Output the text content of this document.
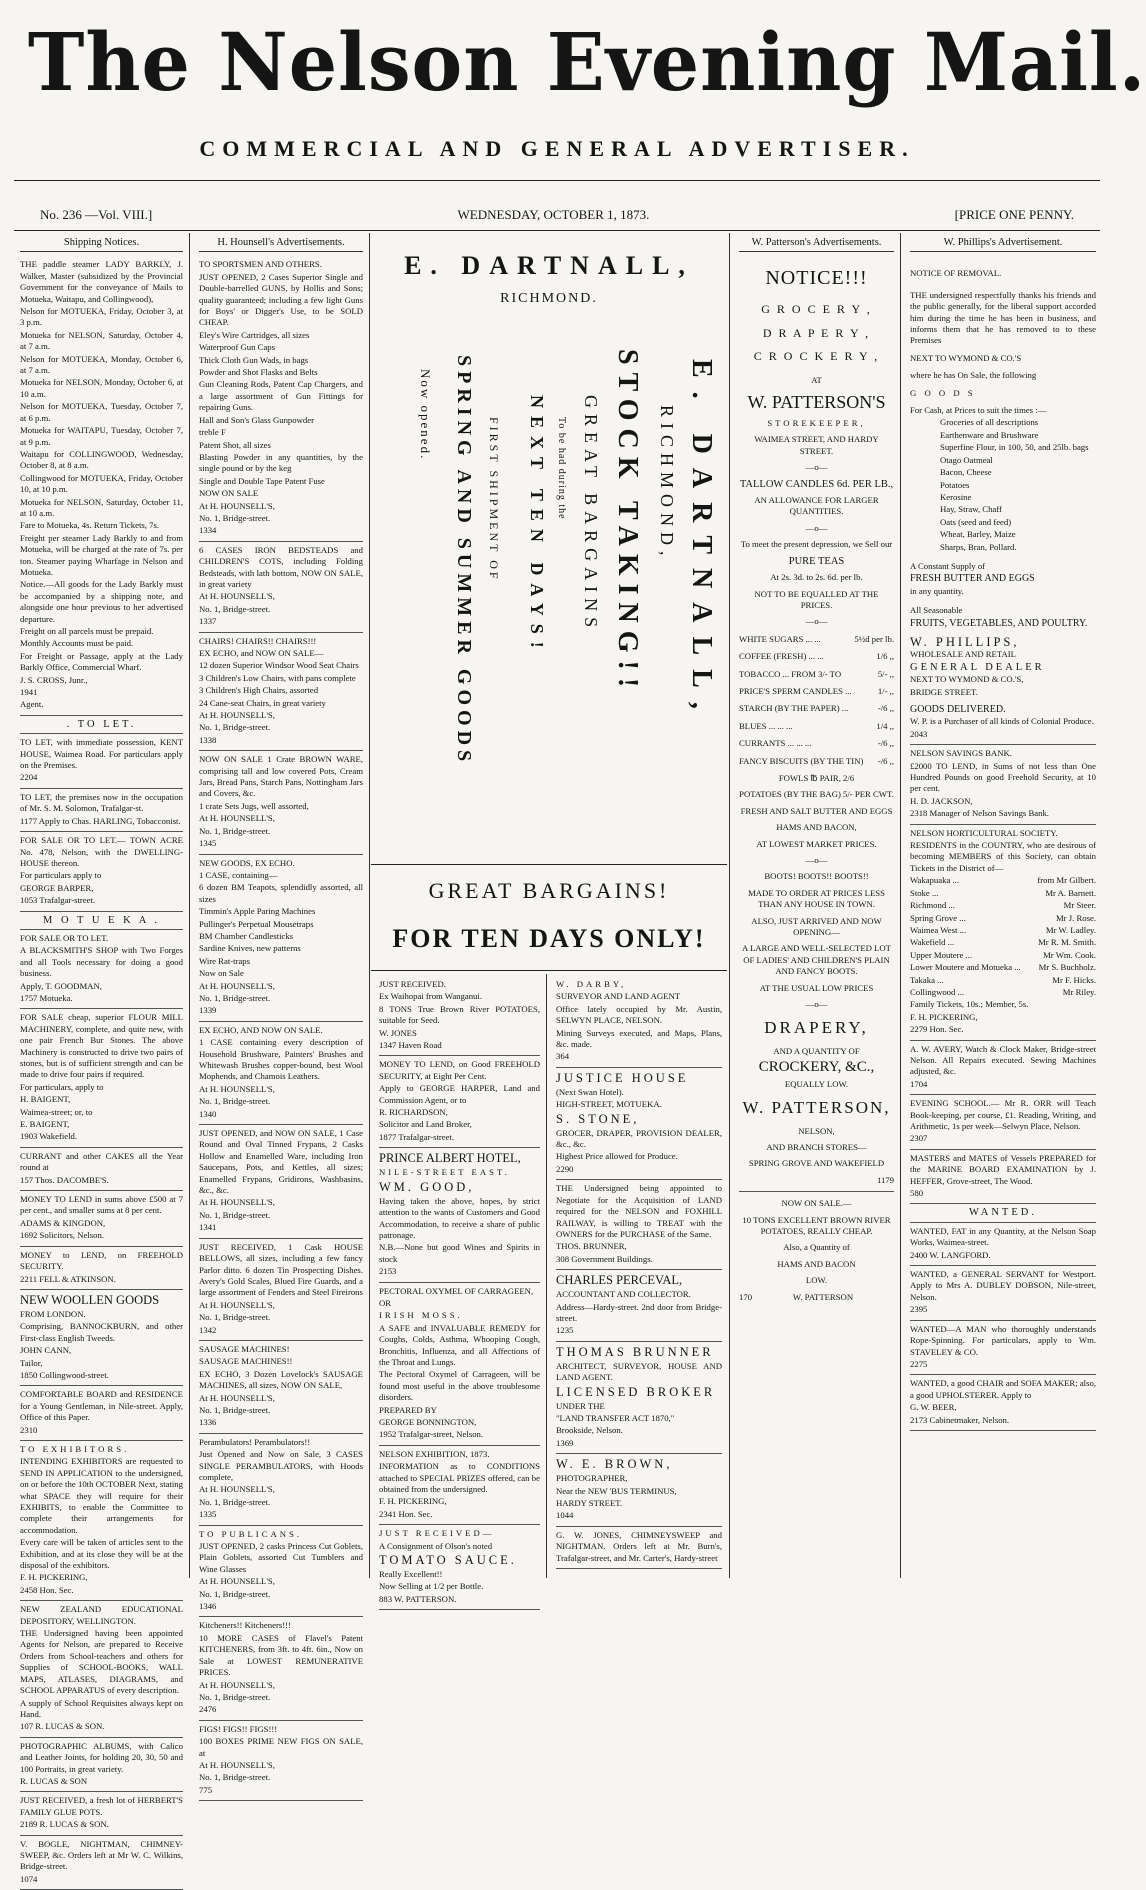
The Nelson Evening Mail.
COMMERCIAL AND GENERAL ADVERTISER.
No. 236 —Vol. VIII.]	WEDNESDAY, OCTOBER 1, 1873.	[PRICE ONE PENNY.
Shipping Notices.

THE paddle steamer LADY BARKLY, J. Walker, Master (subsidized by the Provincial Government for the conveyance of Mails to Motueka, Waitapu, and Collingwood),

Nelson for MOTUEKA, Friday, October 3, at 3 p.m.

Motueka for NELSON, Saturday, October 4, at 7 a.m.

Nelson for MOTUEKA, Monday, October 6, at 7 a.m.

Motueka for NELSON, Monday, October 6, at 10 a.m.

Nelson for MOTUEKA, Tuesday, October 7, at 6 p.m.

Motueka for WAITAPU, Tuesday, October 7, at 9 p.m.

Waitapu for COLLINGWOOD, Wednesday, October 8, at 8 a.m.

Collingwood for MOTUEKA, Friday, October 10, at 10 p.m.

Motueka for NELSON, Saturday, October 11, at 10 a.m.

Fare to Motueka, 4s. Return Tickets, 7s.

Freight per steamer Lady Barkly to and from Motueka, will be charged at the rate of 7s. per ton. Steamer paying Wharfage in Nelson and Motueka.

Notice.—All goods for the Lady Barkly must be accompanied by a shipping note, and alongside one hour previous to her advertised departure.

Freight on all parcels must be prepaid.

Monthly Accounts must be paid.

For Freight or Passage, apply at the Lady Barkly Office, Commercial Wharf.

J. S. CROSS, Junr.,

1941

Agent.

. TO LET.

TO LET, with immediate possession, KENT HOUSE, Waimea Road. For particulars apply on the Premises.

2204

TO LET, the premises now in the occupation of Mr. S. M. Solomon, Trafalgar-st.

1177 Apply to Chas. HARLING, Tobacconist.

FOR SALE OR TO LET.— TOWN ACRE No. 478, Nelson, with the DWELLING-HOUSE thereon.

For particulars apply to

GEORGE BARPER,

1053 Trafalgar-street.

M O T U E K A .

FOR SALE OR TO LET.

A BLACKSMITH'S SHOP with Two Forges and all Tools necessary for doing a good business.

Apply, T. GOODMAN,

1757 Motueka.

FOR SALE cheap, superior FLOUR MILL MACHINERY, complete, and quite new, with one pair French Bur Stones. The above Machinery is constructed to drive two pairs of stones, but is of sufficient strength and can be made to drive four pairs if required.

For particulars, apply to

H. BAIGENT,

Waimea-street; or, to

E. BAIGENT,

1903 Wakefield.

CURRANT and other CAKES all the Year round at

157 Thos. DACOMBE'S.

MONEY TO LEND in sums above £500 at 7 per cent., and smaller sums at 8 per cent.

ADAMS & KINGDON,

1692 Solicitors, Nelson.

MONEY to LEND, on FREEHOLD SECURITY.

2211 FELL & ATKINSON.

NEW WOOLLEN GOODS

FROM LONDON.

Comprising, BANNOCKBURN, and other First-class English Tweeds.

JOHN CANN,

Tailor,

1850 Collingwood-street.

COMFORTABLE BOARD and RESIDENCE for a Young Gentleman, in Nile-street. Apply, Office of this Paper.

2310

TO EXHIBITORS.

INTENDING EXHIBITORS are requested to SEND IN APPLICATION to the undersigned, on or before the 10th OCTOBER Next, stating what SPACE they will require for their EXHIBITS, to enable the Committee to complete their arrangements for accommodation.

Every care will be taken of articles sent to the Exhibition, and at its close they will be at the disposal of the exhibitors.

F. H. PICKERING,

2458 Hon. Sec.

NEW ZEALAND EDUCATIONAL DEPOSITORY, WELLINGTON.

THE Undersigned having been appointed Agents for Nelson, are prepared to Receive Orders from School-teachers and others for Supplies of SCHOOL-BOOKS, WALL MAPS, ATLASES, DIAGRAMS, and SCHOOL APPARATUS of every description.

A supply of School Requisites always kept on Hand.

107 R. LUCAS & SON.

PHOTOGRAPHIC ALBUMS, with Calico and Leather Joints, for holding 20, 30, 50 and 100 Portraits, in great variety.

R. LUCAS & SON

JUST RECEIVED, a fresh lot of HERBERT'S FAMILY GLUE POTS.

2189 R. LUCAS & SON.

V. BOGLE, NIGHTMAN, CHIMNEY-SWEEP, &c. Orders left at Mr W. C. Wilkins, Bridge-street.

1074

H. Hounsell's Advertisements.

TO SPORTSMEN AND OTHERS.

JUST OPENED, 2 Cases Superior Single and Double-barrelled GUNS, by Hollis and Sons; quality guaranteed; including a few light Guns for Boys' or Digger's Use, to be SOLD CHEAP.

Eley's Wire Cartridges, all sizes

Waterproof Gun Caps

Thick Cloth Gun Wads, in bags

Powder and Shot Flasks and Belts

Gun Cleaning Rods, Patent Cap Chargers, and a large assortment of Gun Fittings for repairing Guns.

Hall and Son's Glass Gunpowder

treble F

Patent Shot, all sizes

Blasting Powder in any quantities, by the single pound or by the keg

Single and Double Tape Patent Fuse

NOW ON SALE

At H. HOUNSELL'S,

No. 1, Bridge-street.

1334

6 CASES IRON BEDSTEADS and CHILDREN'S COTS, including Folding Bedsteads, with lath bottom, NOW ON SALE, in great variety

At H. HOUNSELL'S,

No. 1, Bridge-street.

1337

CHAIRS! CHAIRS!! CHAIRS!!!

EX ECHO, and NOW ON SALE—

12 dozen Superior Windsor Wood Seat Chairs

3 Children's Low Chairs, with pans complete

3 Children's High Chairs, assorted

24 Cane-seat Chairs, in great variety

At H. HOUNSELL'S,

No. 1, Bridge-street.

1338

NOW ON SALE 1 Crate BROWN WARE, comprising tall and low covered Pots, Cream Jars, Bread Pans, Starch Pans, Nottingham Jars and Covers, &c.

1 crate Sets Jugs, well assorted,

At H. HOUNSELL'S,

No. 1, Bridge-street.

1345

NEW GOODS, EX ECHO.

1 CASE, containing—

6 dozen BM Teapots, splendidly assorted, all sizes

Timmin's Apple Paring Machines

Pullinger's Perpetual Mousetraps

BM Chamber Candlesticks

Sardine Knives, new patterns

Wire Rat-traps

Now on Sale

At H. HOUNSELL'S,

No. 1, Bridge-street.

1339

EX ECHO, AND NOW ON SALE.

1 CASE containing every description of Household Brushware, Painters' Brushes and Whitewash Brushes copper-bound, best Wool Mophends, and Chamois Leathers.

At H. HOUNSELL'S,

No. 1, Bridge-street.

1340

JUST OPENED, and NOW ON SALE, 1 Case Round and Oval Tinned Frypans, 2 Casks Hollow and Enamelled Ware, including Iron Saucepans, Pots, and Kettles, all sizes; Enamelled Frypans, Gridirons, Washbasins, &c., &c.

At H. HOUNSELL'S,

No. 1, Bridge-street.

1341

JUST RECEIVED, 1 Cask HOUSE BELLOWS, all sizes, including a few fancy Parlor ditto. 6 dozen Tin Prospecting Dishes. Avery's Gold Scales, Blued Fire Guards, and a large assortment of Fenders and Steel Fireirons

At H. HOUNSELL'S,

No. 1, Bridge-street.

1342

SAUSAGE MACHINES!

SAUSAGE MACHINES!!

EX ECHO, 3 Dozen Lovelock's SAUSAGE MACHINES, all sizes, NOW ON SALE,

At H. HOUNSELL'S,

No. 1, Bridge-street.

1336

Perambulators! Perambulators!!

Just Opened and Now on Sale, 3 CASES SINGLE PERAMBULATORS, with Hoods complete,

At H. HOUNSELL'S,

No. 1, Bridge-street.

1335

TO PUBLICANS.

JUST OPENED, 2 casks Princess Cut Goblets, Plain Goblets, assorted Cut Tumblers and Wine Glasses

At H. HOUNSELL'S,

No. 1, Bridge-street.

1346

Kitcheners!! Kitcheners!!!

10 MORE CASES of Flavel's Patent KITCHENERS, from 3ft. to 4ft. 6in., Now on Sale at LOWEST REMUNERATIVE PRICES.

At H. HOUNSELL'S,

No. 1, Bridge-street.

2476

FIGS! FIGS!! FIGS!!!

100 BOXES PRIME NEW FIGS ON SALE, at

At H. HOUNSELL'S,

No. 1, Bridge-street.

775

E. DARTNALL,
RICHMOND.
E. DARTNALL,
RICHMOND,
STOCK TAKING!!
GREAT BARGAINS
To be had during the
NEXT TEN DAYS!
FIRST SHIPMENT OF
SPRING AND SUMMER GOODS
Now opened.
GREAT BARGAINS!
FOR TEN DAYS ONLY!

JUST RECEIVED.

Ex Waihopai from Wanganui.

8 TONS True Brown River POTATOES, suitable for Seed.

W. JONES

1347 Haven Road

MONEY TO LEND, on Good FREEHOLD SECURITY, at Eight Per Cent.

Apply to GEORGE HARPER, Land and Commission Agent, or to

R. RICHARDSON,

Solicitor and Land Broker,

1877 Trafalgar-street.

PRINCE ALBERT HOTEL,

NILE-STREET EAST.

WM. GOOD,

Having taken the above, hopes, by strict attention to the wants of Customers and Good Accommodation, to receive a share of public patronage.

N.B.—None but good Wines and Spirits in stock

2153

PECTORAL OXYMEL OF CARRAGEEN,

OR

IRISH MOSS.

A SAFE and INVALUABLE REMEDY for Coughs, Colds, Asthma, Whooping Cough, Bronchitis, Influenza, and all Affections of the Throat and Lungs.

The Pectoral Oxymel of Carrageen, will be found most useful in the above troublesome disorders.

PREPARED BY

GEORGE BONNINGTON,

1952 Trafalgar-street, Nelson.

NELSON EXHIBITION, 1873.

INFORMATION as to CONDITIONS attached to SPECIAL PRIZES offered, can be obtained from the undersigned.

F. H. PICKERING,

2341 Hon. Sec.

JUST RECEIVED—

A Consignment of Olson's noted

TOMATO SAUCE.

Really Excellent!!

Now Selling at 1/2 per Bottle.

883 W. PATTERSON.

W. DARBY,

SURVEYOR AND LAND AGENT

Office lately occupied by Mr. Austin, SELWYN PLACE, NELSON.

Mining Surveys executed, and Maps, Plans, &c. made.

364

JUSTICE HOUSE

(Next Swan Hotel).

HIGH-STREET, MOTUEKA.

S. STONE,

GROCER, DRAPER, PROVISION DEALER, &c., &c.

Highest Price allowed for Produce.

2290

THE Undersigned being appointed to Negotiate for the Acquisition of LAND required for the NELSON and FOXHILL RAILWAY, is willing to TREAT with the OWNERS for the PURCHASE of the Same.

THOS. BRUNNER,

308 Government Buildings.

CHARLES PERCEVAL,

ACCOUNTANT AND COLLECTOR.

Address—Hardy-street. 2nd door from Bridge-street.

1235

THOMAS BRUNNER

ARCHITECT, SURVEYOR, HOUSE AND LAND AGENT.

LICENSED BROKER

UNDER THE

"LAND TRANSFER ACT 1870,"

Brookside, Nelson.

1369

W. E. BROWN,

PHOTOGRAPHER,

Near the NEW 'BUS TERMINUS,

HARDY STREET.

1044

G. W. JONES, CHIMNEYSWEEP and NIGHTMAN. Orders left at Mr. Burn's, Trafalgar-street, and Mr. Carter's, Hardy-street

W. Patterson's Advertisements.

NOTICE!!!

G R O C E R Y ,

D R A P E R Y ,

C R O C K E R Y ,

AT

W. PATTERSON'S

STOREKEEPER,

WAIMEA STREET, AND HARDY STREET.

—o—

TALLOW CANDLES 6d. PER LB.,

AN ALLOWANCE FOR LARGER QUANTITIES.

—o—

To meet the present depression, we Sell our

PURE TEAS

At 2s. 3d. to 2s. 6d. per lb.

NOT TO BE EQUALLED AT THE PRICES.

—o—

WHITE SUGARS ... ...	5½d per lb.

COFFEE (FRESH) ... ...	1/6 ,,

TOBACCO ... FROM 3/- TO	5/- ,,

PRICE'S SPERM CANDLES ...	1/- ,,

STARCH (BY THE PAPER) ...	-/6 ,,

BLUES ... ... ...	1/4 ,,

CURRANTS ... ... ...	-/6 ,,

FANCY BISCUITS (BY THE TIN) -/6 ,,

FOWLS ℔ PAIR, 2/6

POTATOES (BY THE BAG) 5/- PER CWT.

FRESH AND SALT BUTTER AND EGGS

HAMS AND BACON,

AT LOWEST MARKET PRICES.

—o—

BOOTS! BOOTS!! BOOTS!!

MADE TO ORDER AT PRICES LESS THAN ANY HOUSE IN TOWN.

ALSO, JUST ARRIVED AND NOW OPENING—

A LARGE AND WELL-SELECTED LOT OF LADIES' AND CHILDREN'S PLAIN AND FANCY BOOTS.

AT THE USUAL LOW PRICES

—o—

DRAPERY,

AND A QUANTITY OF

CROCKERY, &C.,

EQUALLY LOW.

W. PATTERSON,

NELSON,

AND BRANCH STORES—

SPRING GROVE AND WAKEFIELD

1179

NOW ON SALE.—

10 TONS EXCELLENT BROWN RIVER POTATOES, REALLY CHEAP.

Also, a Quantity of

HAMS AND BACON

LOW.

170	W. PATTERSON

W. Phillips's Advertisement.

NOTICE OF REMOVAL.

THE undersigned respectfully thanks his friends and the public generally, for the liberal support accorded him during the time he has been in business, and informs them that he has removed to to these Premises

NEXT TO WYMOND & CO.'S

where he has On Sale, the following

G O O D S

For Cash, at Prices to suit the times :—

Groceries of all descriptions

Earthenware and Brushware

Superfine Flour, in 100, 50, and 25lb. bags

Otago Oatmeal

Bacon, Cheese

Potatoes

Kerosine

Hay, Straw, Chaff

Oats (seed and feed)

Wheat, Barley, Maize

Sharps, Bran, Pollard.

A Constant Supply of

FRESH BUTTER AND EGGS

in any quantity.

All Seasonable

FRUITS, VEGETABLES, AND POULTRY.

W. PHILLIPS,

WHOLESALE AND RETAIL

GENERAL DEALER

NEXT TO WYMOND & CO.'S,

BRIDGE STREET.

GOODS DELIVERED.

W. P. is a Purchaser of all kinds of Colonial Produce.

2043

NELSON SAVINGS BANK.

£2000 TO LEND, in Sums of not less than One Hundred Pounds on good Freehold Security, at 10 per cent.

H. D. JACKSON,

2318 Manager of Nelson Savings Bank.

NELSON HORTICULTURAL SOCIETY.

RESIDENTS in the COUNTRY, who are desirous of becoming MEMBERS of this Society, can obtain Tickets in the District of—

Wakapuaka ...	from Mr Gilbert.

Stoke ...	Mr A. Barnett.

Richmond ...	Mr Steer.

Spring Grove ...	Mr J. Rose.

Waimea West ...	Mr W. Ladley.

Wakefield ...	Mr R. M. Smith.

Upper Moutere ...	Mr Wm. Cook.

Lower Moutere and Motueka ... Mr S. Buchholz.

Takaka ...	Mr F. Hicks.

Collingwood ...	Mr Riley.

Family Tickets, 10s.; Member, 5s.

F. H. PICKERING,

2279 Hon. Sec.

A. W. AVERY, Watch & Clock Maker, Bridge-street Nelson. All Repairs executed. Sewing Machines adjusted, &c.

1704

EVENING SCHOOL.— Mr R. ORR will Teach Book-keeping, per course, £1. Reading, Writing, and Arithmetic, 1s per week—Selwyn Place, Nelson.

2307

MASTERS and MATES of Vessels PREPARED for the MARINE BOARD EXAMINATION by J. HEFFER, Grove-street, The Wood.

580

WANTED.

WANTED, FAT in any Quantity, at the Nelson Soap Works, Waimea-street.

2400 W. LANGFORD.

WANTED, a GENERAL SERVANT for Westport. Apply to Mrs A. DUBLEY DOBSON, Nile-street, Nelson.

2395

WANTED—A MAN who thoroughly understands Rope-Spinning. For particulars, apply to Wm. STAVELEY & CO.

2275

WANTED, a good CHAIR and SOFA MAKER; also, a good UPHOLSTERER. Apply to

G. W. BEER,

2173 Cabinetmaker, Nelson.
